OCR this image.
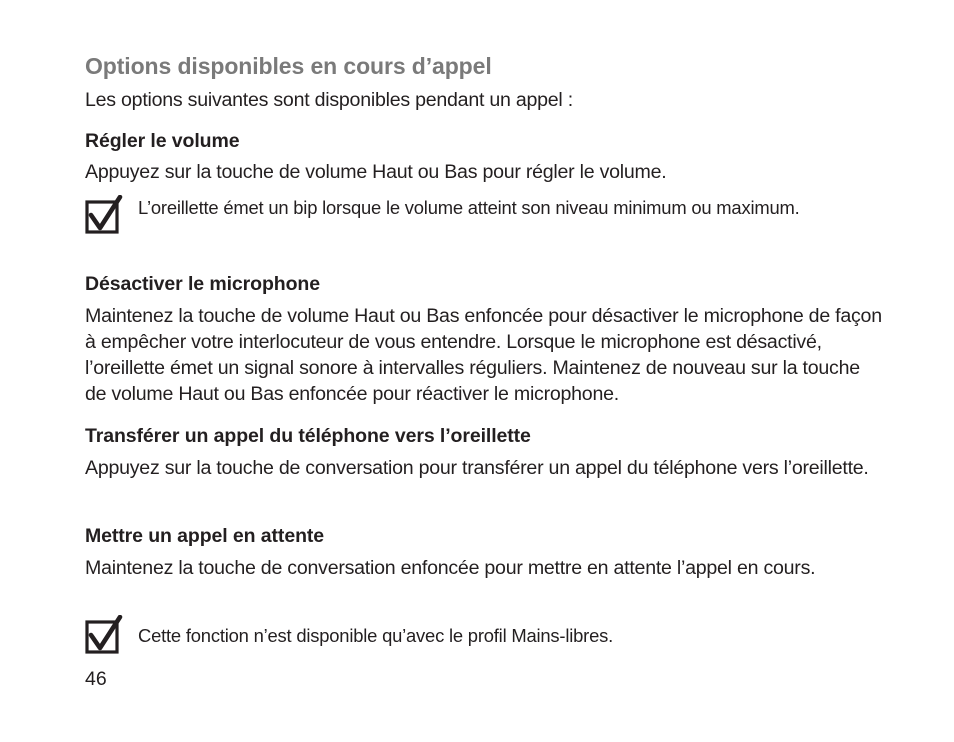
Options disponibles en cours d’appel
Les options suivantes sont disponibles pendant un appel :
Régler le volume
Appuyez sur la touche de volume Haut ou Bas pour régler le volume.
L’oreillette émet un bip lorsque le volume atteint son niveau minimum ou maximum.
Désactiver le microphone
Maintenez la touche de volume Haut ou Bas enfoncée pour désactiver le microphone de façon à empêcher votre interlocuteur de vous entendre. Lorsque le microphone est désactivé, l’oreillette émet un signal sonore à intervalles réguliers. Maintenez de nouveau sur la touche de volume Haut ou Bas enfoncée pour réactiver le microphone.
Transférer un appel du téléphone vers l’oreillette
Appuyez sur la touche de conversation pour transférer un appel du téléphone vers l’oreillette.
Mettre un appel en attente
Maintenez la touche de conversation enfoncée pour mettre en attente l’appel en cours.
Cette fonction n’est disponible qu’avec le profil Mains-libres.
46
